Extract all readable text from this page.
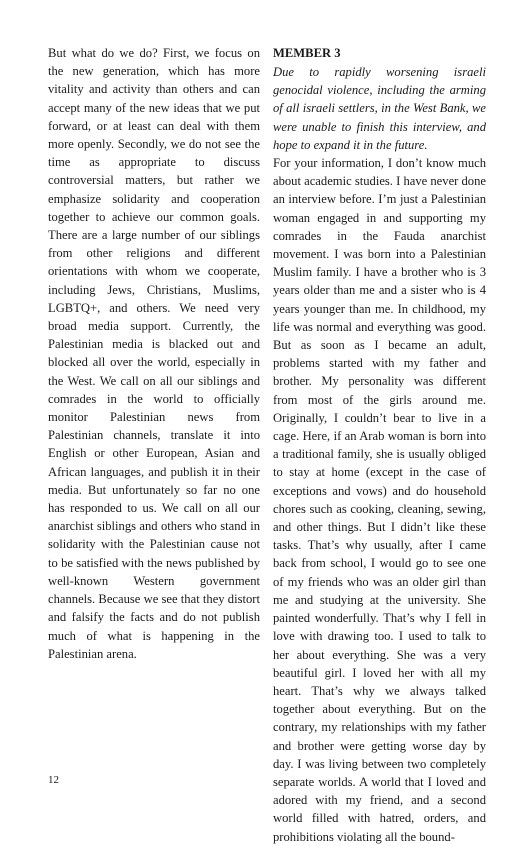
But what do we do? First, we focus on the new generation, which has more vitality and activity than others and can accept many of the new ideas that we put forward, or at least can deal with them more openly. Secondly, we do not see the time as appropriate to discuss controversial matters, but rather we emphasize solidarity and cooperation together to achieve our common goals. There are a large number of our siblings from other religions and different orientations with whom we cooperate, including Jews, Christians, Muslims, LGBTQ+, and others. We need very broad media support. Currently, the Palestinian media is blacked out and blocked all over the world, especially in the West. We call on all our siblings and comrades in the world to officially monitor Palestinian news from Palestinian channels, translate it into English or other European, Asian and African languages, and publish it in their media. But unfortunately so far no one has responded to us. We call on all our anarchist siblings and others who stand in solidarity with the Palestinian cause not to be satisfied with the news published by well-known Western government channels. Because we see that they distort and falsify the facts and do not publish much of what is happening in the Palestinian arena.

MEMBER 3

Due to rapidly worsening israeli genocidal violence, including the arming of all israeli settlers, in the West Bank, we were unable to finish this interview, and hope to expand it in the future.

For your information, I don’t know much about academic studies. I have never done an interview before. I’m just a Palestinian woman engaged in and supporting my comrades in the Fauda anarchist movement. I was born into a Palestinian Muslim family. I have a brother who is 3 years older than me and a sister who is 4 years younger than me. In childhood, my life was normal and everything was good. But as soon as I became an adult, problems started with my father and brother. My personality was different from most of the girls around me. Originally, I couldn’t bear to live in a cage. Here, if an Arab woman is born into a traditional family, she is usually obliged to stay at home (except in the case of exceptions and vows) and do household chores such as cooking, cleaning, sewing, and other things. But I didn’t like these tasks. That’s why usually, after I came back from school, I would go to see one of my friends who was an older girl than me and studying at the university. She painted wonderfully. That’s why I fell in love with drawing too. I used to talk to her about everything. She was a very beautiful girl. I loved her with all my heart. That’s why we always talked together about everything. But on the contrary, my relationships with my father and brother were getting worse day by day. I was living between two completely separate worlds. A world that I loved and adored with my friend, and a second world filled with hatred, orders, and prohibitions violating all the bound-

12
